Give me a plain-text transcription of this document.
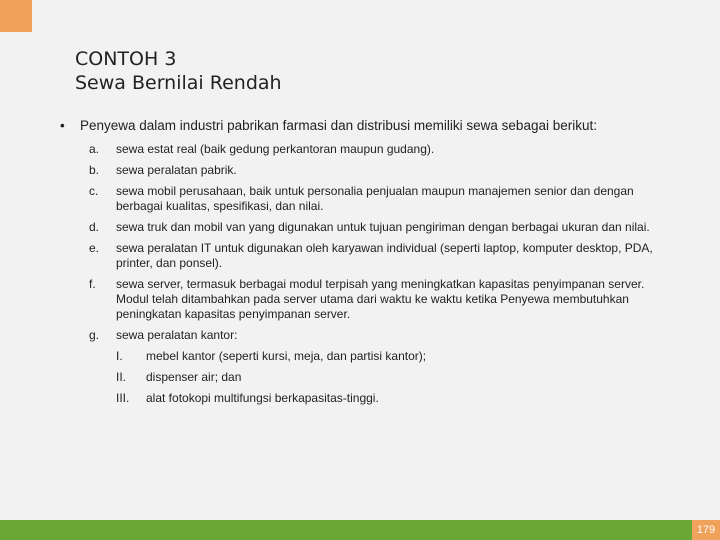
CONTOH 3
Sewa Bernilai Rendah
• Penyewa dalam industri pabrikan farmasi dan distribusi memiliki sewa sebagai berikut:
a. sewa estat real (baik gedung perkantoran maupun gudang).
b. sewa peralatan pabrik.
c. sewa mobil perusahaan, baik untuk personalia penjualan maupun manajemen senior dan dengan berbagai kualitas, spesifikasi, dan nilai.
d. sewa truk dan mobil van yang digunakan untuk tujuan pengiriman dengan berbagai ukuran dan nilai.
e. sewa peralatan IT untuk digunakan oleh karyawan individual (seperti laptop, komputer desktop, PDA, printer, dan ponsel).
f. sewa server, termasuk berbagai modul terpisah yang meningkatkan kapasitas penyimpanan server. Modul telah ditambahkan pada server utama dari waktu ke waktu ketika Penyewa membutuhkan peningkatan kapasitas penyimpanan server.
g. sewa peralatan kantor:
I. mebel kantor (seperti kursi, meja, dan partisi kantor);
II. dispenser air; dan
III. alat fotokopi multifungsi berkapasitas-tinggi.
179
